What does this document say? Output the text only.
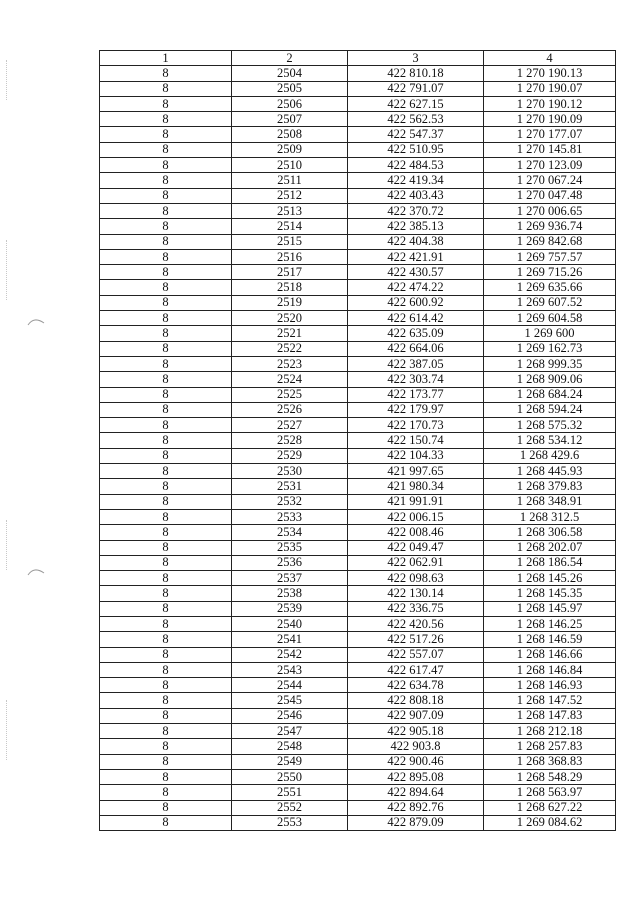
1	2	3	4
8	2504	422 810.18	1 270 190.13
8	2505	422 791.07	1 270 190.07
8	2506	422 627.15	1 270 190.12
8	2507	422 562.53	1 270 190.09
8	2508	422 547.37	1 270 177.07
8	2509	422 510.95	1 270 145.81
8	2510	422 484.53	1 270 123.09
8	2511	422 419.34	1 270 067.24
8	2512	422 403.43	1 270 047.48
8	2513	422 370.72	1 270 006.65
8	2514	422 385.13	1 269 936.74
8	2515	422 404.38	1 269 842.68
8	2516	422 421.91	1 269 757.57
8	2517	422 430.57	1 269 715.26
8	2518	422 474.22	1 269 635.66
8	2519	422 600.92	1 269 607.52
8	2520	422 614.42	1 269 604.58
8	2521	422 635.09	1 269 600
8	2522	422 664.06	1 269 162.73
8	2523	422 387.05	1 268 999.35
8	2524	422 303.74	1 268 909.06
8	2525	422 173.77	1 268 684.24
8	2526	422 179.97	1 268 594.24
8	2527	422 170.73	1 268 575.32
8	2528	422 150.74	1 268 534.12
8	2529	422 104.33	1 268 429.6
8	2530	421 997.65	1 268 445.93
8	2531	421 980.34	1 268 379.83
8	2532	421 991.91	1 268 348.91
8	2533	422 006.15	1 268 312.5
8	2534	422 008.46	1 268 306.58
8	2535	422 049.47	1 268 202.07
8	2536	422 062.91	1 268 186.54
8	2537	422 098.63	1 268 145.26
8	2538	422 130.14	1 268 145.35
8	2539	422 336.75	1 268 145.97
8	2540	422 420.56	1 268 146.25
8	2541	422 517.26	1 268 146.59
8	2542	422 557.07	1 268 146.66
8	2543	422 617.47	1 268 146.84
8	2544	422 634.78	1 268 146.93
8	2545	422 808.18	1 268 147.52
8	2546	422 907.09	1 268 147.83
8	2547	422 905.18	1 268 212.18
8	2548	422 903.8	1 268 257.83
8	2549	422 900.46	1 268 368.83
8	2550	422 895.08	1 268 548.29
8	2551	422 894.64	1 268 563.97
8	2552	422 892.76	1 268 627.22
8	2553	422 879.09	1 269 084.62
